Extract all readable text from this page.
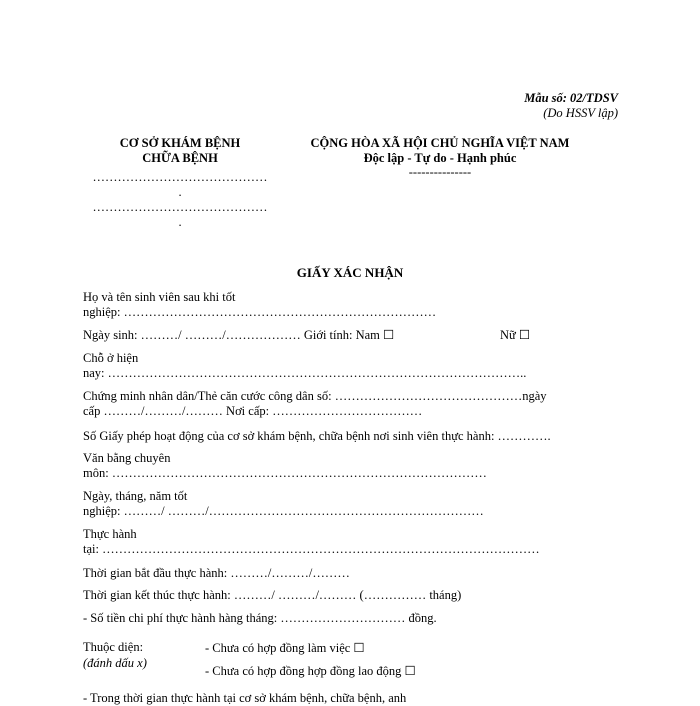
Mẫu số: 02/TDSV
(Do HSSV lập)
CƠ SỞ KHÁM BỆNH
CHỮA BỆNH
……………………………………
.
……………………………………
.
CỘNG HÒA XÃ HỘI CHỦ NGHĨA VIỆT NAM
Độc lập - Tự do - Hạnh phúc
---------------
GIẤY XÁC NHẬN
Họ và tên sinh viên sau khi tốt
nghiệp: …………………………………………………………………
Ngày sinh: ………/ ………/……………… Giới tính: Nam ☐	Nữ ☐
Chỗ ở hiện
nay: ………………………………………………………………………………………..
Chứng minh nhân dân/Thẻ căn cước công dân số: ………………………………………ngày
cấp ………/………/……… Nơi cấp: ………………………………
Số Giấy phép hoạt động của cơ sở khám bệnh, chữa bệnh nơi sinh viên thực hành: ………….
Văn bằng chuyên
môn: ………………………………………………………………………………
Ngày, tháng, năm tốt
nghiệp: ………/ ………/…………………………………………………………
Thực hành
tại: ……………………………………………………………………………………………
Thời gian bắt đầu thực hành: ………/………/………
Thời gian kết thúc thực hành: ………/ ………/……… (…………… tháng)
- Số tiền chi phí thực hành hàng tháng: ………………………… đồng.
Thuộc diện:
(đánh dấu x)
- Chưa có hợp đồng làm việc ☐
- Chưa có hợp đồng hợp đồng lao động ☐
- Trong thời gian thực hành tại cơ sở khám bệnh, chữa bệnh, anh
